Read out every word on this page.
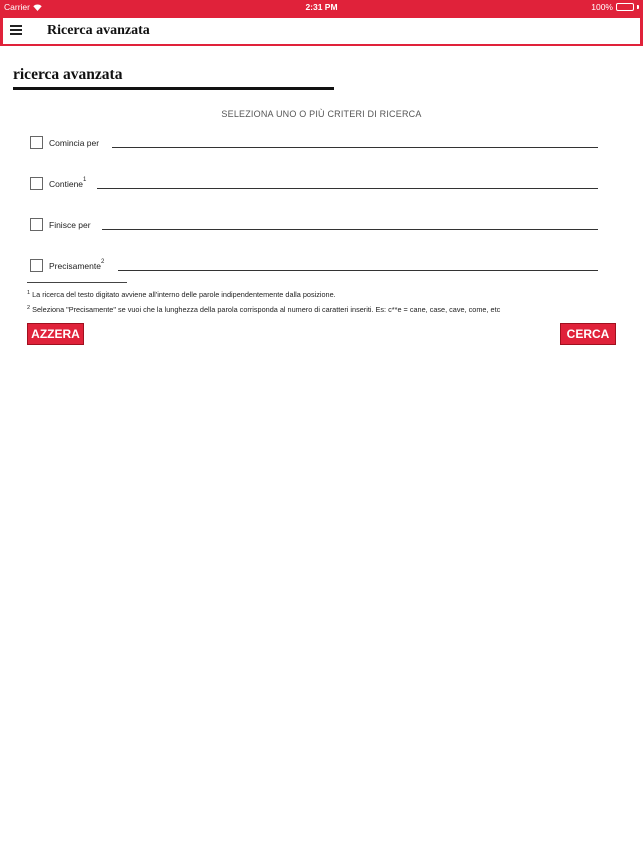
Carrier	2:31 PM	100%
Ricerca avanzata
ricerca avanzata
SELEZIONA UNO O PIÙ CRITERI DI RICERCA
Comincia per
Contiene$^1$
Finisce per
Precisamente$^2$
$^1$ La ricerca del testo digitato avviene all'interno delle parole indipendentemente dalla posizione.
$^2$ Seleziona "Precisamente" se vuoi che la lunghezza della parola corrisponda al numero di caratteri inseriti. Es: c**e = cane, case, cave, come, etc
AZZERA	CERCA
